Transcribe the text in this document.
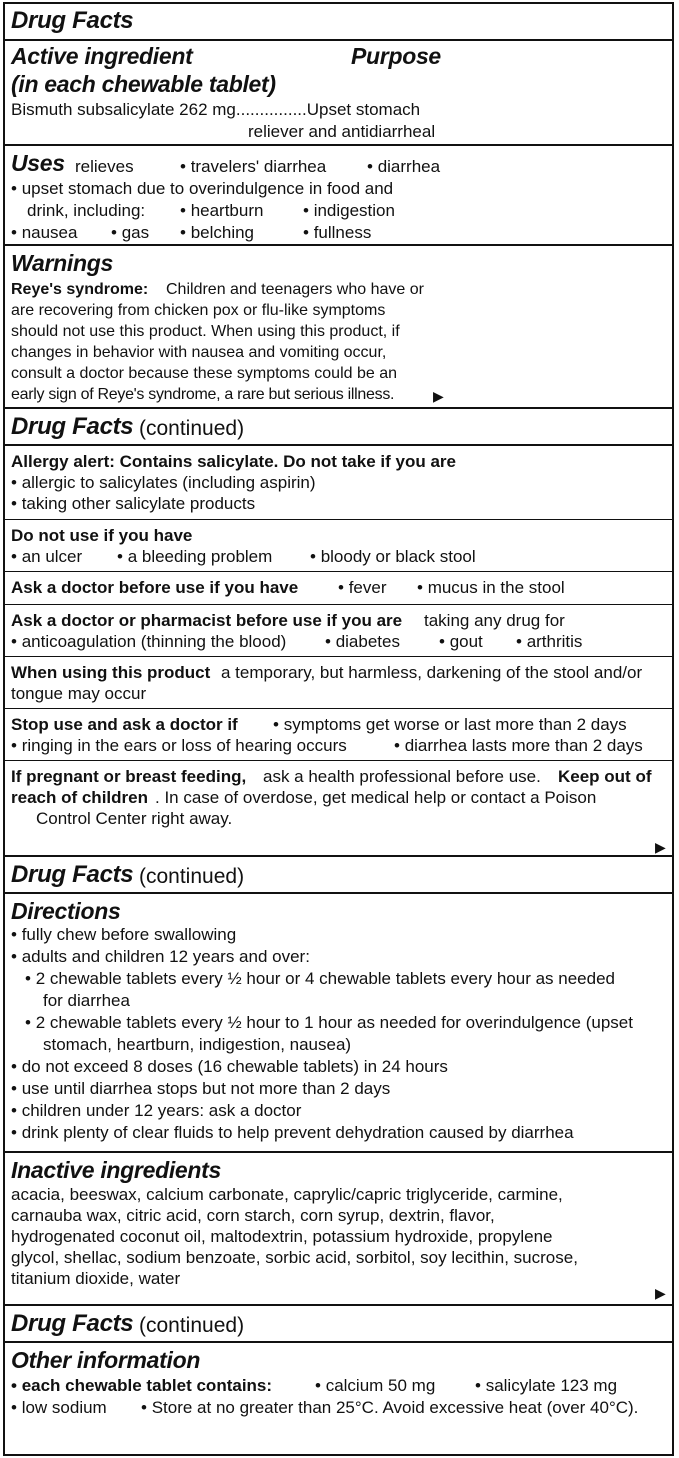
Drug Facts
Active ingredient	Purpose
(in each chewable tablet)
Bismuth subsalicylate 262 mg...............Upset stomach
reliever and antidiarrheal
Uses relieves	• travelers' diarrhea	• diarrhea
• upset stomach due to overindulgence in food and
drink, including:	• heartburn	• indigestion
• nausea	• gas	• belching	• fullness
Warnings
Reye's syndrome: Children and teenagers who have or
are recovering from chicken pox or flu-like symptoms
should not use this product. When using this product, if
changes in behavior with nausea and vomiting occur,
consult a doctor because these symptoms could be an
early sign of Reye's syndrome, a rare but serious illness.	▶
Drug Facts (continued)
Allergy alert: Contains salicylate. Do not take if you are
• allergic to salicylates (including aspirin)
• taking other salicylate products
Do not use if you have
• an ulcer	• a bleeding problem	• bloody or black stool
Ask a doctor before use if you have	• fever	• mucus in the stool
Ask a doctor or pharmacist before use if you are taking any drug for
• anticoagulation (thinning the blood)	• diabetes	• gout	• arthritis
When using this product a temporary, but harmless, darkening of the stool and/or
tongue may occur
Stop use and ask a doctor if	• symptoms get worse or last more than 2 days
• ringing in the ears or loss of hearing occurs	• diarrhea lasts more than 2 days
If pregnant or breast feeding, ask a health professional before use. Keep out of
reach of children . In case of overdose, get medical help or contact a Poison
Control Center right away.
▶
Drug Facts (continued)
Directions
• fully chew before swallowing
• adults and children 12 years and over:
• 2 chewable tablets every ½ hour or 4 chewable tablets every hour as needed
for diarrhea
• 2 chewable tablets every ½ hour to 1 hour as needed for overindulgence (upset
stomach, heartburn, indigestion, nausea)
• do not exceed 8 doses (16 chewable tablets) in 24 hours
• use until diarrhea stops but not more than 2 days
• children under 12 years: ask a doctor
• drink plenty of clear fluids to help prevent dehydration caused by diarrhea
Inactive ingredients
acacia, beeswax, calcium carbonate, caprylic/capric triglyceride, carmine,
carnauba wax, citric acid, corn starch, corn syrup, dextrin, flavor,
hydrogenated coconut oil, maltodextrin, potassium hydroxide, propylene
glycol, shellac, sodium benzoate, sorbic acid, sorbitol, soy lecithin, sucrose,
titanium dioxide, water
▶
Drug Facts (continued)
Other information
• each chewable tablet contains:	• calcium 50 mg	• salicylate 123 mg
• low sodium	• Store at no greater than 25°C. Avoid excessive heat (over 40°C).
